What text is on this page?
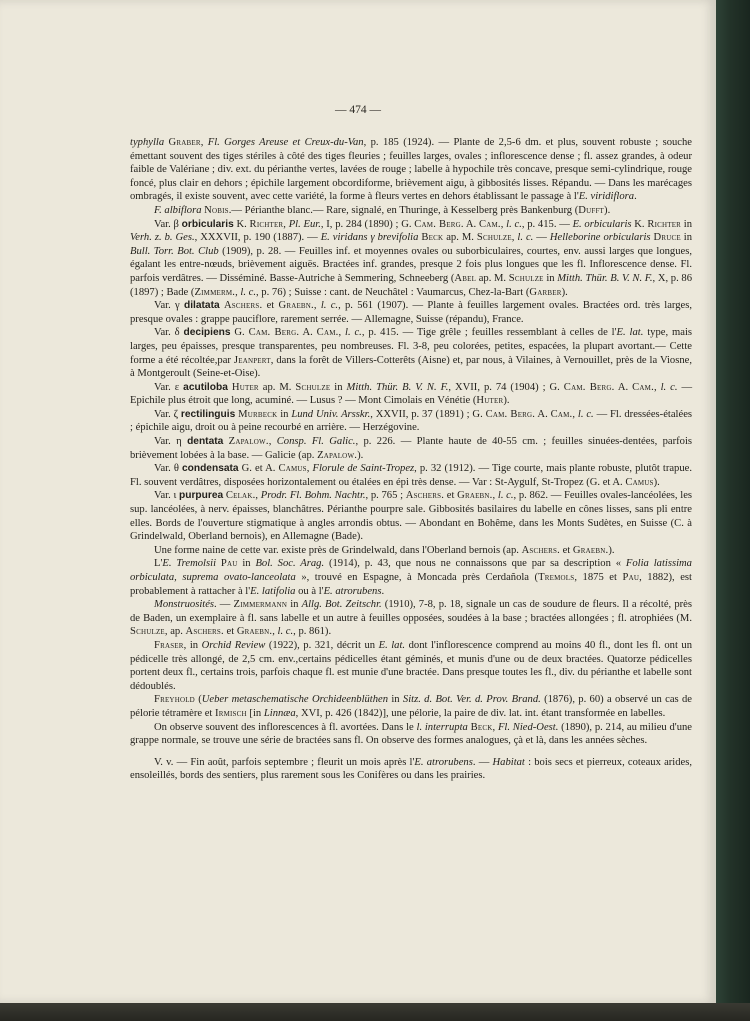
— 474 —

typhylla Graber, Fl. Gorges Areuse et Creux-du-Van, p. 185 (1924). — Plante de 2,5-6 dm. et plus, souvent robuste ; souche émettant souvent des tiges stériles à côté des tiges fleuries ; feuilles larges, ovales ; inflorescence dense ; fl. assez grandes, à odeur faible de Valériane ; div. ext. du périanthe vertes, lavées de rouge ; labelle à hypochile très concave, presque semi-cylindrique, rouge foncé, plus clair en dehors ; épichile largement obcordiforme, brièvement aigu, à gibbosités lisses. Répandu. — Dans les marécages ombragés, il existe souvent, avec cette variété, la forme à fleurs vertes en dehors établissant le passage à l'E. viridiflora.

F. albiflora Nobis.— Périanthe blanc.— Rare, signalé, en Thuringe, à Kesselberg près Bankenburg (Dufft).

Var. β orbicularis K. Richter, Pl. Eur., I, p. 284 (1890) ; G. Cam. Berg. A. Cam., l. c., p. 415. — E. orbicularis K. Richter in Verh. z. b. Ges., XXXVII, p. 190 (1887). — E. viridans γ brevifolia Beck ap. M. Schulze, l. c. — Helleborine orbicularis Druce in Bull. Torr. Bot. Club (1909), p. 28. — Feuilles inf. et moyennes ovales ou suborbiculaires, courtes, env. aussi larges que longues, égalant les entre-nœuds, brièvement aiguës. Bractées inf. grandes, presque 2 fois plus longues que les fl. Inflorescence dense. Fl. parfois verdâtres. — Disséminé. Basse-Autriche à Semmering, Schneeberg (Abel ap. M. Schulze in Mitth. Thür. B. V. N. F., X, p. 86 (1897) ; Bade (Zimmerm., l. c., p. 76) ; Suisse : cant. de Neuchâtel : Vaumarcus, Chez-la-Bart (Garber).

Var. γ dilatata Aschers. et Graebn., l. c., p. 561 (1907). — Plante à feuilles largement ovales. Bractées ord. très larges, presque ovales : grappe pauciflore, rarement serrée. — Allemagne, Suisse (répandu), France.

Var. δ decipiens G. Cam. Berg. A. Cam., l. c., p. 415. — Tige grêle ; feuilles ressemblant à celles de l'E. lat. type, mais larges, peu épaisses, presque transparentes, peu nombreuses. Fl. 3-8, peu colorées, petites, espacées, la plupart avortant.— Cette forme a été récoltée,par Jeanpert, dans la forêt de Villers-Cotterêts (Aisne) et, par nous, à Vilaines, à Vernouillet, près de la Viosne, à Montgeroult (Seine-et-Oise).

Var. ε acutiloba Huter ap. M. Schulze in Mitth. Thür. B. V. N. F., XVII, p. 74 (1904) ; G. Cam. Berg. A. Cam., l. c. — Epichile plus étroit que long, acuminé. — Lusus ? — Mont Cimolais en Vénétie (Huter).

Var. ζ rectilinguis Murbeck in Lund Univ. Arsskr., XXVII, p. 37 (1891) ; G. Cam. Berg. A. Cam., l. c. — Fl. dressées-étalées ; épichile aigu, droit ou à peine recourbé en arrière. — Herzégovine.

Var. η dentata Zapalow., Consp. Fl. Galic., p. 226. — Plante haute de 40-55 cm. ; feuilles sinuées-dentées, parfois brièvement lobées à la base. — Galicie (ap. Zapalow.).

Var. θ condensata G. et A. Camus, Florule de Saint-Tropez, p. 32 (1912). — Tige courte, mais plante robuste, plutôt trapue. Fl. souvent verdâtres, disposées horizontalement ou étalées en épi très dense. — Var : St-Aygulf, St-Tropez (G. et A. Camus).

Var. ι purpurea Celak., Prodr. Fl. Bohm. Nachtr., p. 765 ; Aschers. et Graebn., l. c., p. 862. — Feuilles ovales-lancéolées, les sup. lancéolées, à nerv. épaisses, blanchâtres. Périanthe pourpre sale. Gibbosités basilaires du labelle en cônes lisses, sans pli entre elles. Bords de l'ouverture stigmatique à angles arrondis obtus. — Abondant en Bohême, dans les Monts Sudètes, en Suisse (C. à Grindelwald, Oberland bernois), en Allemagne (Bade).

Une forme naine de cette var. existe près de Grindelwald, dans l'Oberland bernois (ap. Aschers. et Graebn.).

L'E. Tremolsii Pau in Bol. Soc. Arag. (1914), p. 43, que nous ne connaissons que par sa description « Folia latissima orbiculata, suprema ovato-lanceolata », trouvé en Espagne, à Moncada près Cerdañola (Tremols, 1875 et Pau, 1882), est probablement à rattacher à l'E. latifolia ou à l'E. atrorubens.

Monstruosités. — Zimmermann in Allg. Bot. Zeitschr. (1910), 7-8, p. 18, signale un cas de soudure de fleurs. Il a récolté, près de Baden, un exemplaire à fl. sans labelle et un autre à feuilles opposées, soudées à la base ; bractées allongées ; fl. atrophiées (M. Schulze, ap. Aschers. et Graebn., l. c., p. 861).

Fraser, in Orchid Review (1922), p. 321, décrit un E. lat. dont l'inflorescence comprend au moins 40 fl., dont les fl. ont un pédicelle très allongé, de 2,5 cm. env.,certains pédicelles étant géminés, et munis d'une ou de deux bractées. Quatorze pédicelles portent deux fl., certains trois, parfois chaque fl. est munie d'une bractée. Dans presque toutes les fl., div. du périanthe et labelle sont dédoublés.

Freyhold (Ueber metaschematische Orchideenblüthen in Sitz. d. Bot. Ver. d. Prov. Brand. (1876), p. 60) a observé un cas de pélorie tétramère et Irmisch [in Linnæa, XVI, p. 426 (1842)], une pélorie, la paire de div. lat. int. étant transformée en labelles.

On observe souvent des inflorescences à fl. avortées. Dans le l. interrupta Beck, Fl. Nied-Oest. (1890), p. 214, au milieu d'une grappe normale, se trouve une série de bractées sans fl. On observe des formes analogues, çà et là, dans les années sèches.

V. v. — Fin août, parfois septembre ; fleurit un mois après l'E. atrorubens. — Habitat : bois secs et pierreux, coteaux arides, ensoleillés, bords des sentiers, plus rarement sous les Conifères ou dans les prairies.
